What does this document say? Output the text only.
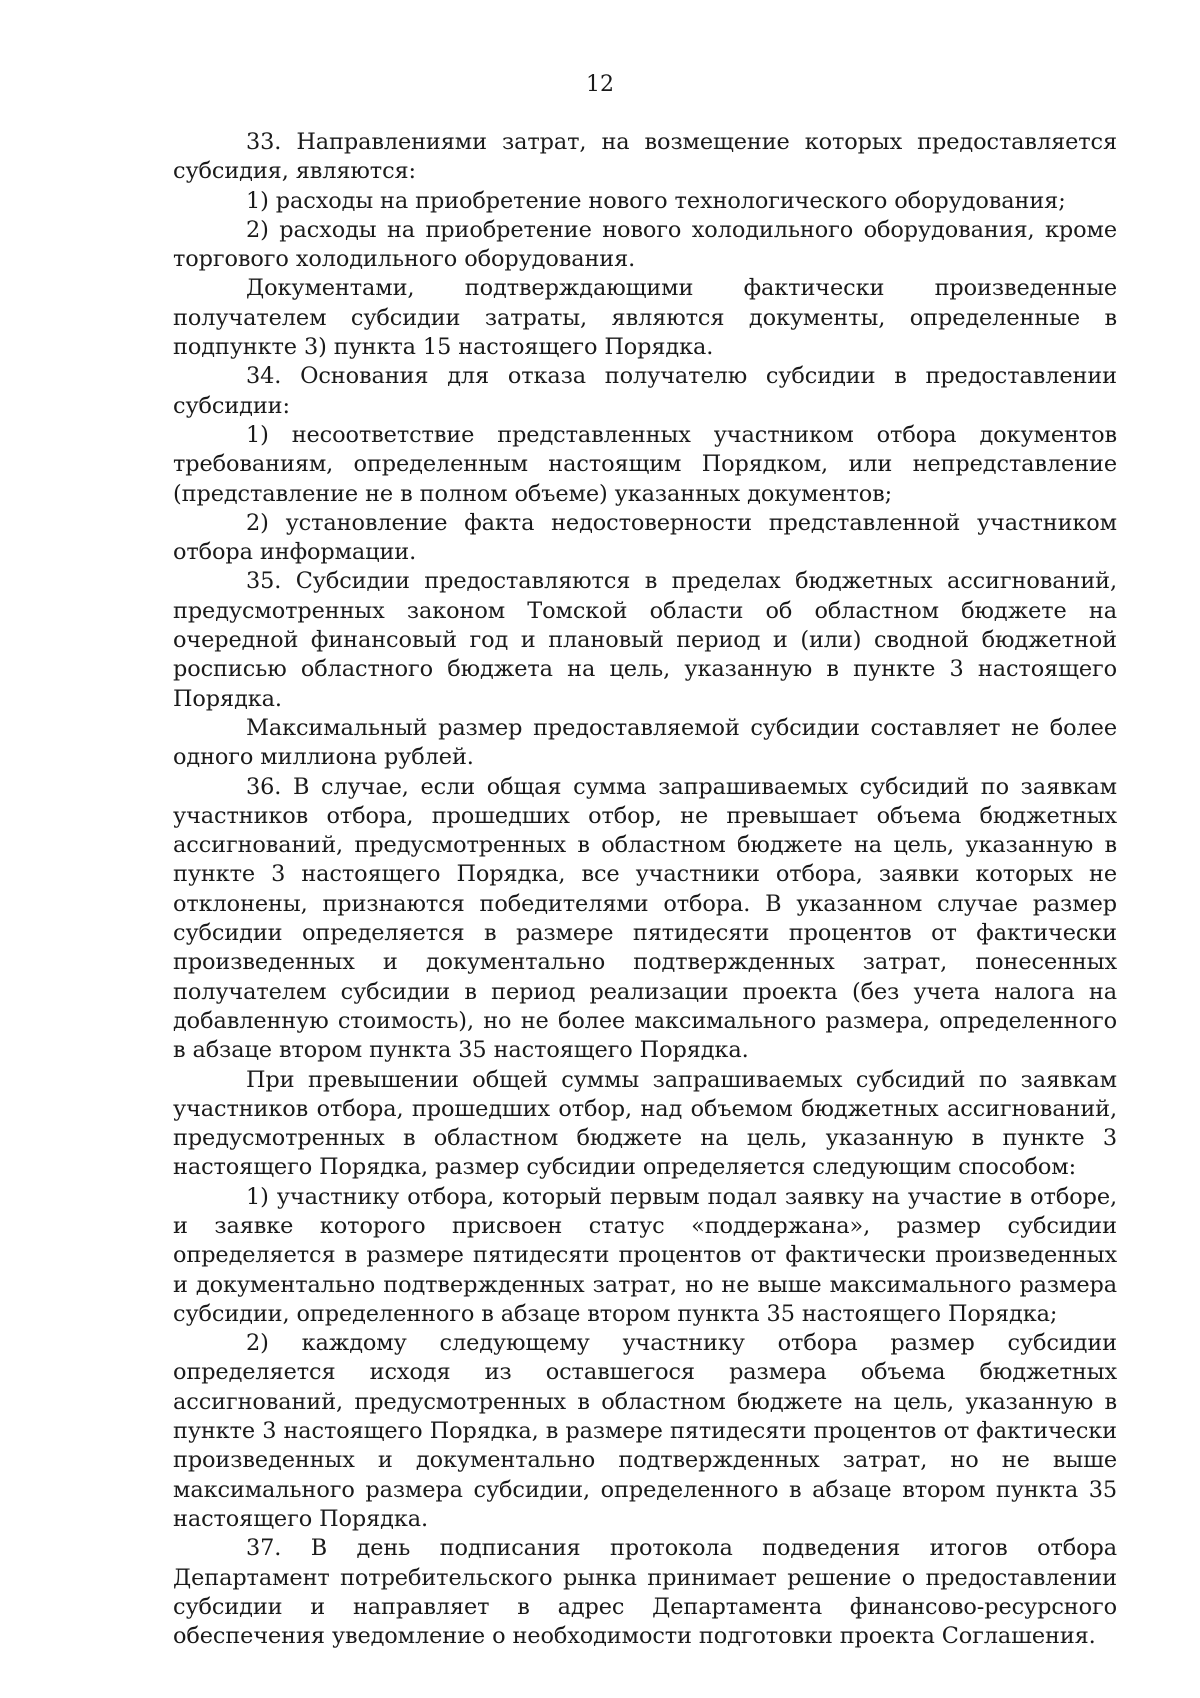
12

33. Направлениями затрат, на возмещение которых предоставляется субсидия, являются:

1) расходы на приобретение нового технологического оборудования;

2) расходы на приобретение нового холодильного оборудования, кроме торгового холодильного оборудования.

Документами, подтверждающими фактически произведенные получателем субсидии затраты, являются документы, определенные в подпункте 3) пункта 15 настоящего Порядка.

34. Основания для отказа получателю субсидии в предоставлении субсидии:

1) несоответствие представленных участником отбора документов требованиям, определенным настоящим Порядком, или непредставление (представление не в полном объеме) указанных документов;

2) установление факта недостоверности представленной участником отбора информации.

35. Субсидии предоставляются в пределах бюджетных ассигнований, предусмотренных законом Томской области об областном бюджете на очередной финансовый год и плановый период и (или) сводной бюджетной росписью областного бюджета на цель, указанную в пункте 3 настоящего Порядка.

Максимальный размер предоставляемой субсидии составляет не более одного миллиона рублей.

36. В случае, если общая сумма запрашиваемых субсидий по заявкам участников отбора, прошедших отбор, не превышает объема бюджетных ассигнований, предусмотренных в областном бюджете на цель, указанную в пункте 3 настоящего Порядка, все участники отбора, заявки которых не отклонены, признаются победителями отбора. В указанном случае размер субсидии определяется в размере пятидесяти процентов от фактически произведенных и документально подтвержденных затрат, понесенных получателем субсидии в период реализации проекта (без учета налога на добавленную стоимость), но не более максимального размера, определенного в абзаце втором пункта 35 настоящего Порядка.

При превышении общей суммы запрашиваемых субсидий по заявкам участников отбора, прошедших отбор, над объемом бюджетных ассигнований, предусмотренных в областном бюджете на цель, указанную в пункте 3 настоящего Порядка, размер субсидии определяется следующим способом:

1) участнику отбора, который первым подал заявку на участие в отборе, и заявке которого присвоен статус «поддержана», размер субсидии определяется в размере пятидесяти процентов от фактически произведенных и документально подтвержденных затрат, но не выше максимального размера субсидии, определенного в абзаце втором пункта 35 настоящего Порядка;

2) каждому следующему участнику отбора размер субсидии определяется исходя из оставшегося размера объема бюджетных ассигнований, предусмотренных в областном бюджете на цель, указанную в пункте 3 настоящего Порядка, в размере пятидесяти процентов от фактически произведенных и документально подтвержденных затрат, но не выше максимального размера субсидии, определенного в абзаце втором пункта 35 настоящего Порядка.

37. В день подписания протокола подведения итогов отбора Департамент потребительского рынка принимает решение о предоставлении субсидии и направляет в адрес Департамента финансово-ресурсного обеспечения уведомление о необходимости подготовки проекта Соглашения.
